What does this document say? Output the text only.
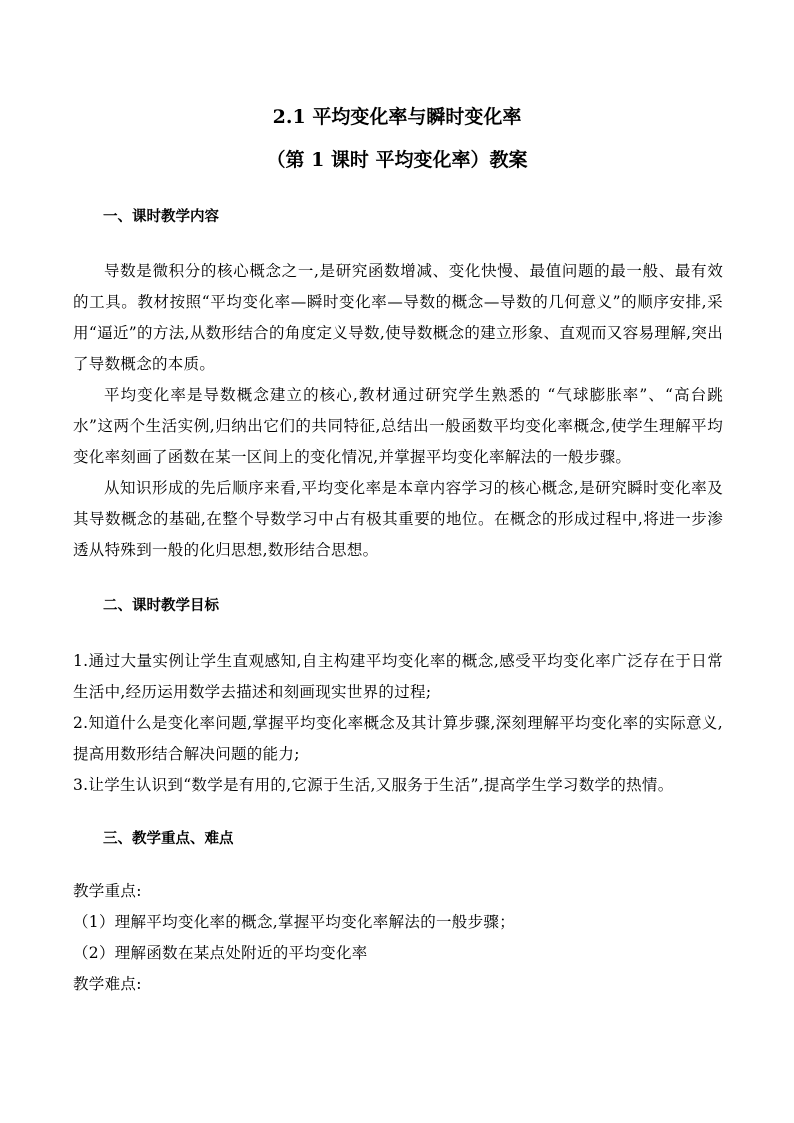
2.1 平均变化率与瞬时变化率
（第 1 课时 平均变化率）教案
一、课时教学内容

导数是微积分的核心概念之一,是研究函数增减、变化快慢、最值问题的最一般、最有效的工具。教材按照“平均变化率—瞬时变化率—导数的概念—导数的几何意义”的顺序安排,采用“逼近”的方法,从数形结合的角度定义导数,使导数概念的建立形象、直观而又容易理解,突出了导数概念的本质。

平均变化率是导数概念建立的核心,教材通过研究学生熟悉的 “气球膨胀率”、“高台跳水”这两个生活实例,归纳出它们的共同特征,总结出一般函数平均变化率概念,使学生理解平均变化率刻画了函数在某一区间上的变化情况,并掌握平均变化率解法的一般步骤。

从知识形成的先后顺序来看,平均变化率是本章内容学习的核心概念,是研究瞬时变化率及其导数概念的基础,在整个导数学习中占有极其重要的地位。在概念的形成过程中,将进一步渗透从特殊到一般的化归思想,数形结合思想。

二、课时教学目标

1.通过大量实例让学生直观感知,自主构建平均变化率的概念,感受平均变化率广泛存在于日常生活中,经历运用数学去描述和刻画现实世界的过程;

2.知道什么是变化率问题,掌握平均变化率概念及其计算步骤,深刻理解平均变化率的实际意义,提高用数形结合解决问题的能力;

3.让学生认识到“数学是有用的,它源于生活,又服务于生活”,提高学生学习数学的热情。

三、教学重点、难点

教学重点:

（1）理解平均变化率的概念,掌握平均变化率解法的一般步骤；

（2）理解函数在某点处附近的平均变化率

教学难点:
